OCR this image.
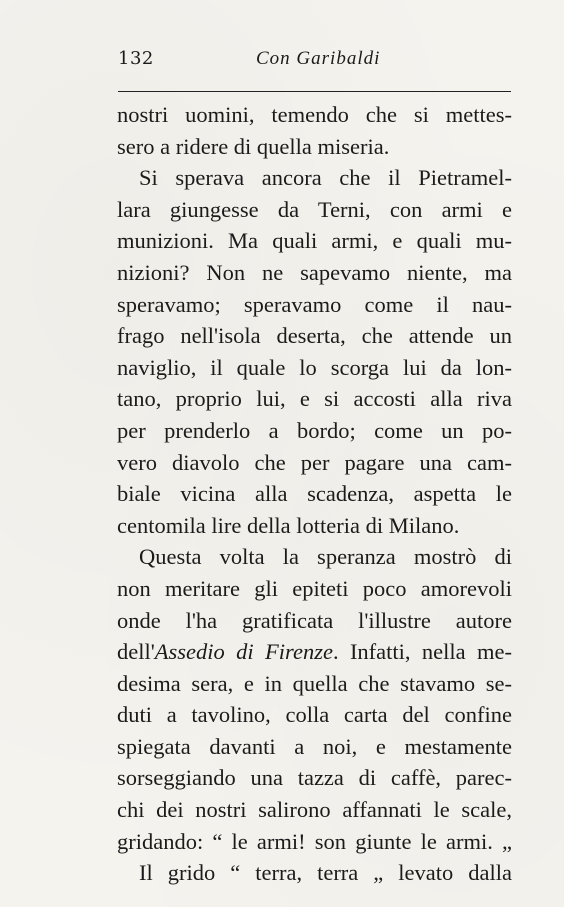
132	Con Garibaldi
nostri uomini, temendo che si mettes-
sero a ridere di quella miseria.
Si sperava ancora che il Pietramel-
lara giungesse da Terni, con armi e
munizioni. Ma quali armi, e quali mu-
nizioni? Non ne sapevamo niente, ma
speravamo; speravamo come il nau-
frago nell'isola deserta, che attende un
naviglio, il quale lo scorga lui da lon-
tano, proprio lui, e si accosti alla riva
per prenderlo a bordo; come un po-
vero diavolo che per pagare una cam-
biale vicina alla scadenza, aspetta le
centomila lire della lotteria di Milano.
Questa volta la speranza mostrò di
non meritare gli epiteti poco amorevoli
onde l'ha gratificata l'illustre autore
dell'Assedio di Firenze. Infatti, nella me-
desima sera, e in quella che stavamo se-
duti a tavolino, colla carta del confine
spiegata davanti a noi, e mestamente
sorseggiando una tazza di caffè, parec-
chi dei nostri salirono affannati le scale,
gridando: “ le armi! son giunte le armi. „
Il grido “ terra, terra „ levato dalla
